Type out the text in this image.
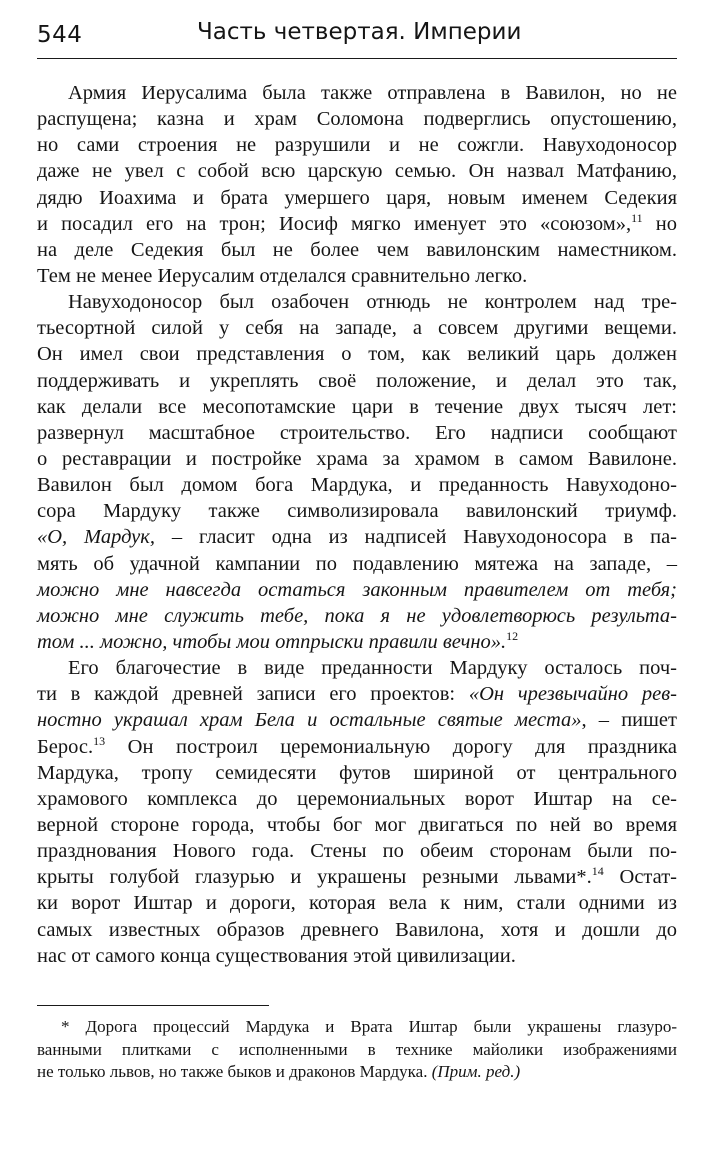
544	Часть четвертая. Империи
Армия Иерусалима была также отправлена в Вавилон, но не
распущена; казна и храм Соломона подверглись опустошению,
но сами строения не разрушили и не сожгли. Навуходоносор
даже не увел с собой всю царскую семью. Он назвал Матфанию,
дядю Иоахима и брата умершего царя, новым именем Седекия
и посадил его на трон; Иосиф мягко именует это «союзом»,$^{11}$ но
на деле Седекия был не более чем вавилонским наместником.
Тем не менее Иерусалим отделался сравнительно легко.
Навуходоносор был озабочен отнюдь не контролем над тре-
тьесортной силой у себя на западе, а совсем другими вещеми.
Он имел свои представления о том, как великий царь должен
поддерживать и укреплять своё положение, и делал это так,
как делали все месопотамские цари в течение двух тысяч лет:
развернул масштабное строительство. Его надписи сообщают
о реставрации и постройке храма за храмом в самом Вавилоне.
Вавилон был домом бога Мардука, и преданность Навуходоно-
сора Мардуку также символизировала вавилонский триумф.
«О, Мардук, – гласит одна из надписей Навуходоносора в па-
мять об удачной кампании по подавлению мятежа на западе, –
можно мне навсегда остаться законным правителем от тебя;
можно мне служить тебе, пока я не удовлетворюсь результа-
том ... можно, чтобы мои отпрыски правили вечно».$^{12}$
Его благочестие в виде преданности Мардуку осталось поч-
ти в каждой древней записи его проектов: «Он чрезвычайно рев-
ностно украшал храм Бела и остальные святые места», – пишет
Берос.$^{13}$ Он построил церемониальную дорогу для праздника
Мардука, тропу семидесяти футов шириной от центрального
храмового комплекса до церемониальных ворот Иштар на се-
верной стороне города, чтобы бог мог двигаться по ней во время
празднования Нового года. Стены по обеим сторонам были по-
крыты голубой глазурью и украшены резными львами*.$^{14}$ Остат-
ки ворот Иштар и дороги, которая вела к ним, стали одними из
самых известных образов древнего Вавилона, хотя и дошли до
нас от самого конца существования этой цивилизации.
* Дорога процессий Мардука и Врата Иштар были украшены глазуро-
ванными плитками с исполненными в технике майолики изображениями
не только львов, но также быков и драконов Мардука. (Прим. ред.)
